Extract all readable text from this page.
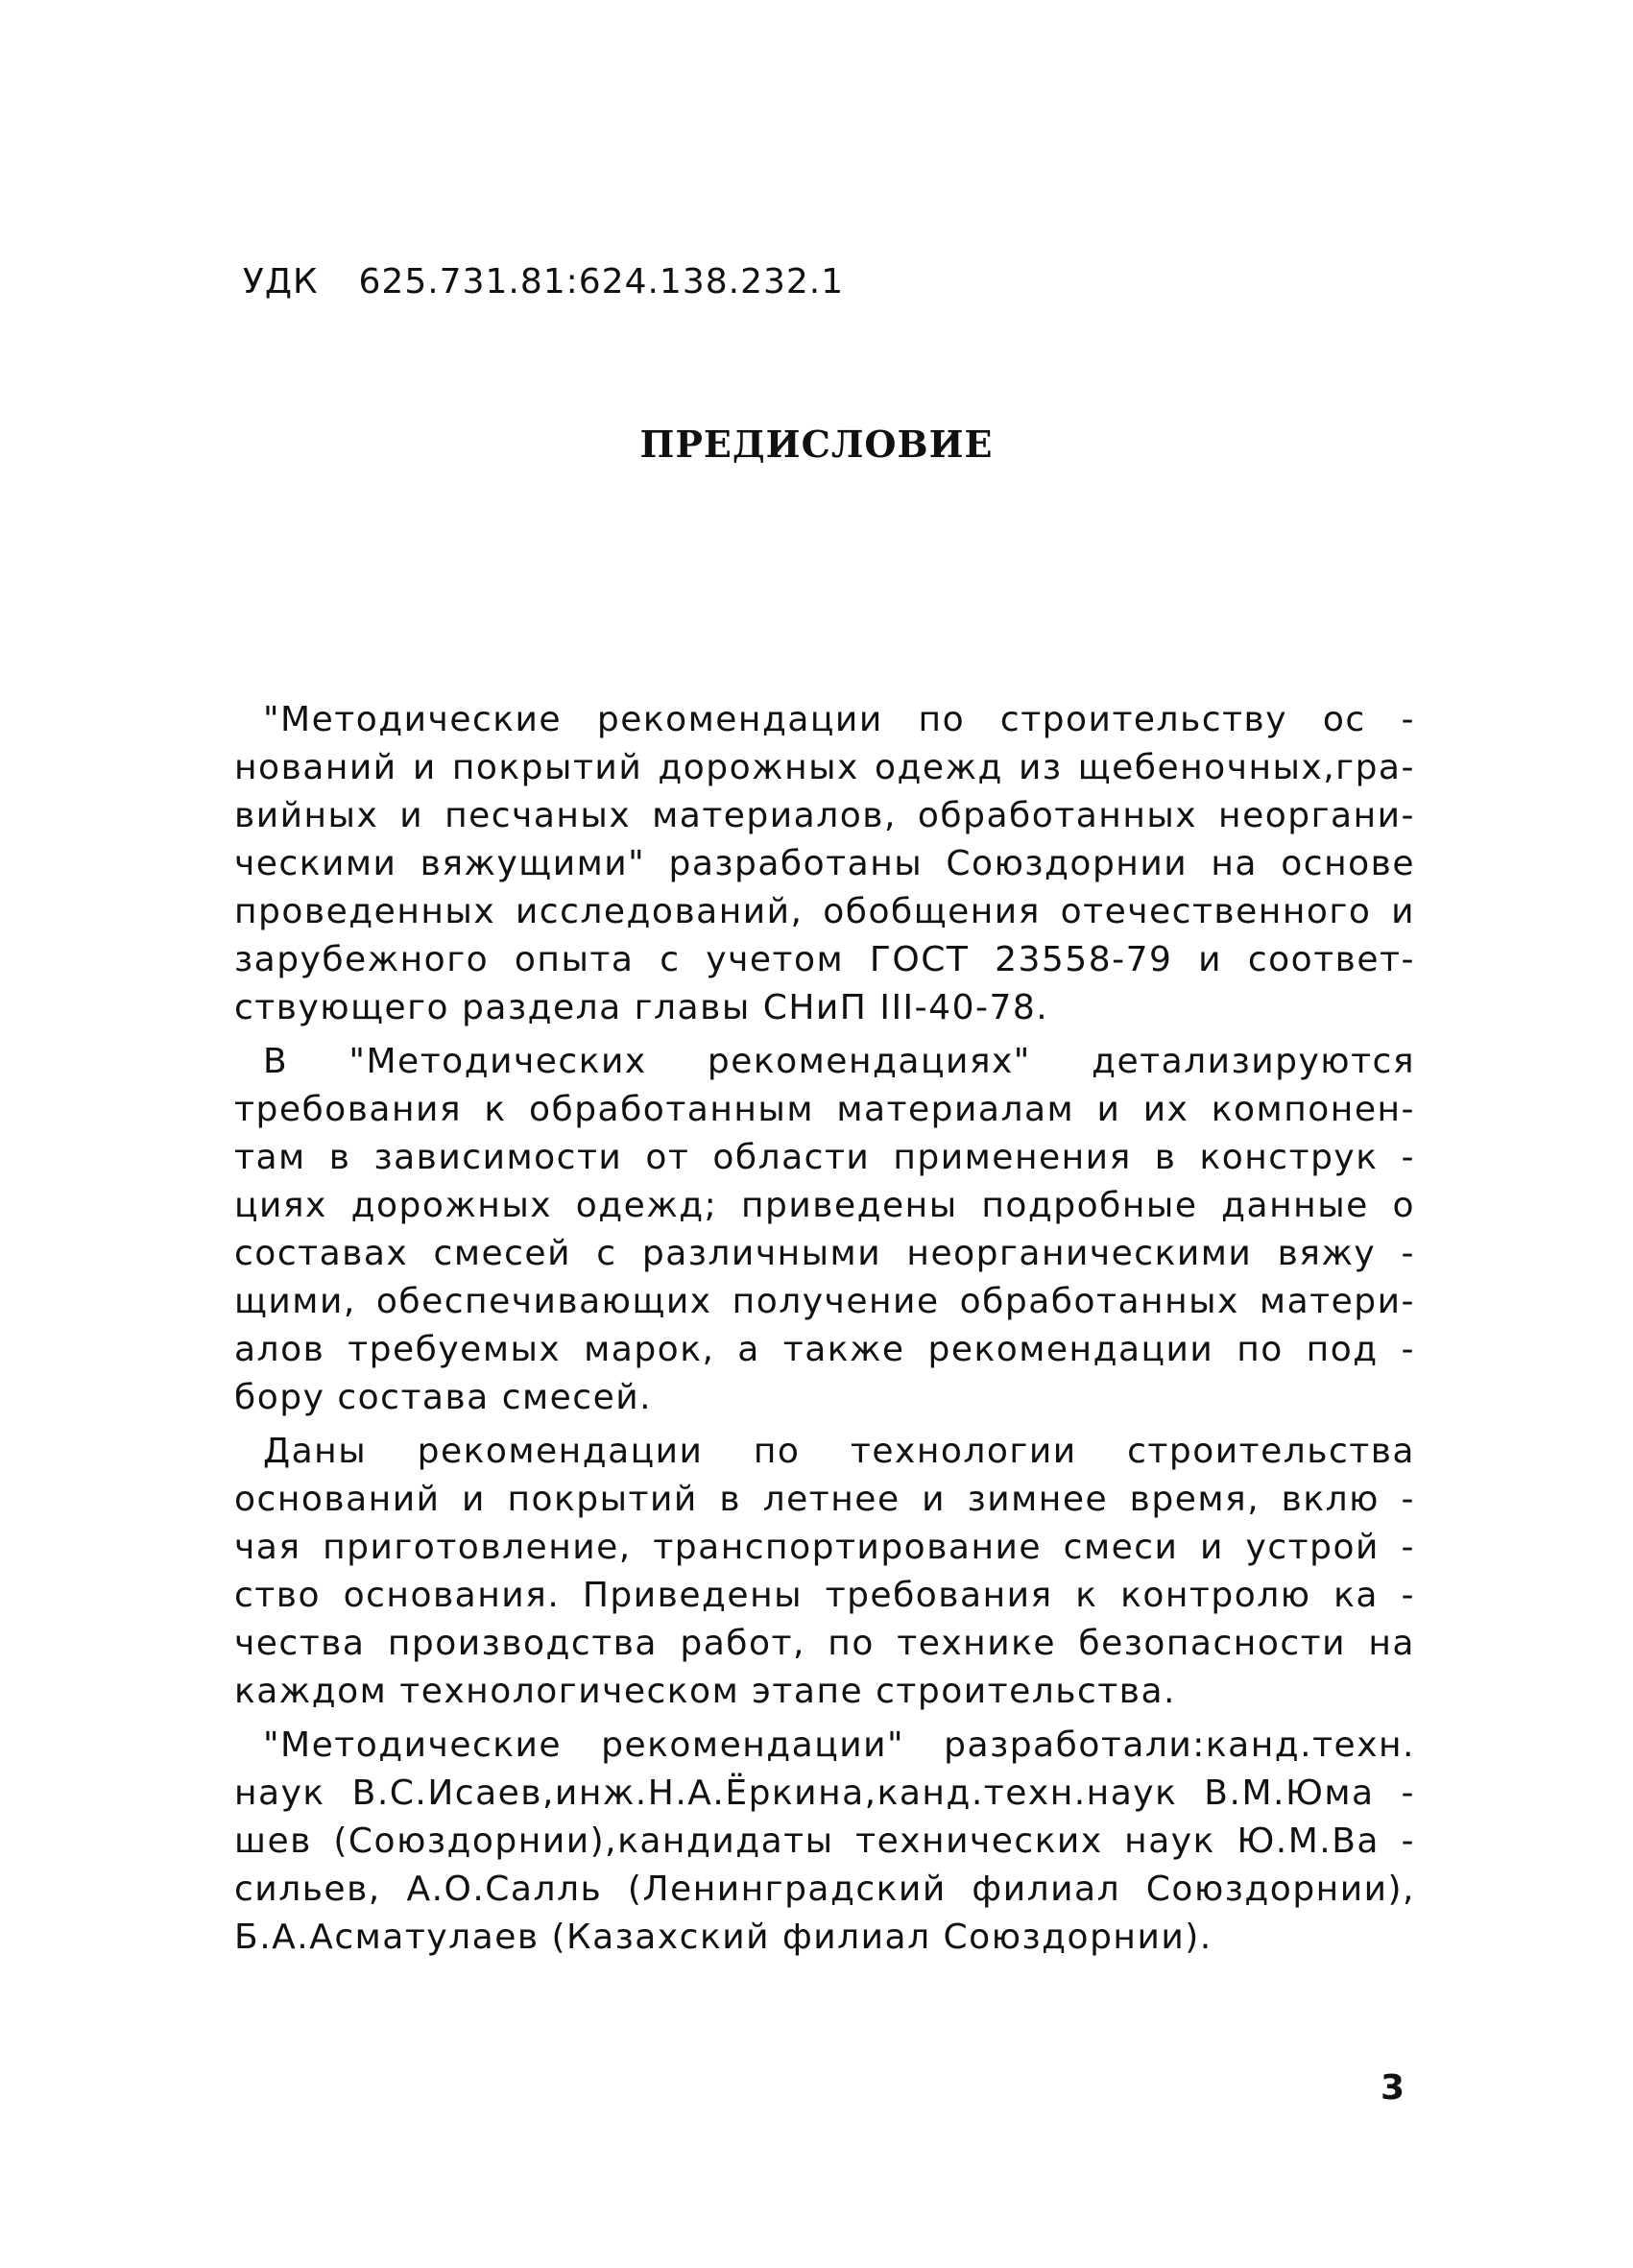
УДК 625.731.81:624.138.232.1

ПРЕДИСЛОВИЕ
"Методические рекомендации по строительству ос -
нований и покрытий дорожных одежд из щебеночных,гра-
вийных и песчаных материалов, обработанных неоргани-
ческими вяжущими" разработаны Союздорнии на основе
проведенных исследований, обобщения отечественного и
зарубежного опыта с учетом ГОСТ 23558-79 и соответ-
ствующего раздела главы СНиП III-40-78.
В "Методических рекомендациях" детализируются
требования к обработанным материалам и их компонен-
там в зависимости от области применения в конструк -
циях дорожных одежд; приведены подробные данные о
составах смесей с различными неорганическими вяжу -
щими, обеспечивающих получение обработанных матери-
алов требуемых марок, а также рекомендации по под -
бору состава смесей.
Даны рекомендации по технологии строительства
оснований и покрытий в летнее и зимнее время, вклю -
чая приготовление, транспортирование смеси и устрой -
ство основания. Приведены требования к контролю ка -
чества производства работ, по технике безопасности на
каждом технологическом этапе строительства.
"Методические рекомендации" разработали:канд.техн.
наук В.С.Исаев,инж.Н.А.Ёркина,канд.техн.наук В.М.Юма -
шев (Союздорнии),кандидаты технических наук Ю.М.Ва -
сильев, А.О.Салль (Ленинградский филиал Союздорнии),
Б.А.Асматулаев (Казахский филиал Союздорнии).
3
